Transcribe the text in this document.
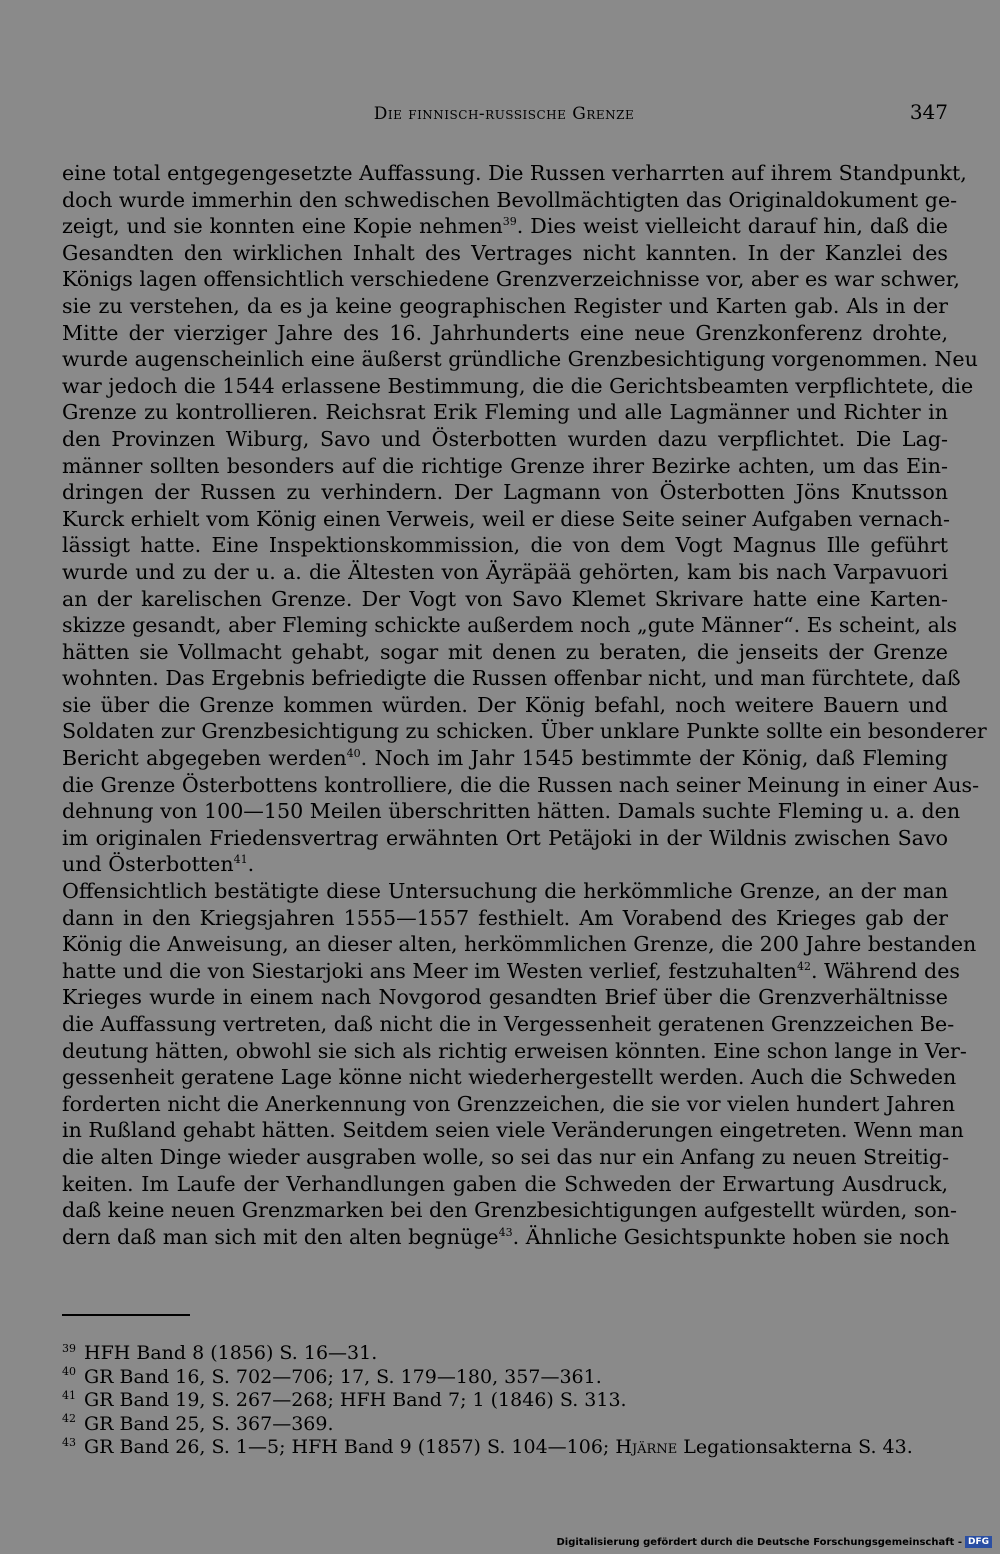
Die finnisch-russische Grenze	347
eine total entgegengesetzte Auffassung. Die Russen verharrten auf ihrem Standpunkt,
doch wurde immerhin den schwedischen Bevollmächtigten das Originaldokument ge-
zeigt, und sie konnten eine Kopie nehmen$^{39}$. Dies weist vielleicht darauf hin, daß die
Gesandten den wirklichen Inhalt des Vertrages nicht kannten. In der Kanzlei des
Königs lagen offensichtlich verschiedene Grenzverzeichnisse vor, aber es war schwer,
sie zu verstehen, da es ja keine geographischen Register und Karten gab. Als in der
Mitte der vierziger Jahre des 16. Jahrhunderts eine neue Grenzkonferenz drohte,
wurde augenscheinlich eine äußerst gründliche Grenzbesichtigung vorgenommen. Neu
war jedoch die 1544 erlassene Bestimmung, die die Gerichtsbeamten verpflichtete, die
Grenze zu kontrollieren. Reichsrat Erik Fleming und alle Lagmänner und Richter in
den Provinzen Wiburg, Savo und Österbotten wurden dazu verpflichtet. Die Lag-
männer sollten besonders auf die richtige Grenze ihrer Bezirke achten, um das Ein-
dringen der Russen zu verhindern. Der Lagmann von Österbotten Jöns Knutsson
Kurck erhielt vom König einen Verweis, weil er diese Seite seiner Aufgaben vernach-
lässigt hatte. Eine Inspektionskommission, die von dem Vogt Magnus Ille geführt
wurde und zu der u. a. die Ältesten von Äyräpää gehörten, kam bis nach Varpavuori
an der karelischen Grenze. Der Vogt von Savo Klemet Skrivare hatte eine Karten-
skizze gesandt, aber Fleming schickte außerdem noch „gute Männer“. Es scheint, als
hätten sie Vollmacht gehabt, sogar mit denen zu beraten, die jenseits der Grenze
wohnten. Das Ergebnis befriedigte die Russen offenbar nicht, und man fürchtete, daß
sie über die Grenze kommen würden. Der König befahl, noch weitere Bauern und
Soldaten zur Grenzbesichtigung zu schicken. Über unklare Punkte sollte ein besonderer
Bericht abgegeben werden$^{40}$. Noch im Jahr 1545 bestimmte der König, daß Fleming
die Grenze Österbottens kontrolliere, die die Russen nach seiner Meinung in einer Aus-
dehnung von 100—150 Meilen überschritten hätten. Damals suchte Fleming u. a. den
im originalen Friedensvertrag erwähnten Ort Petäjoki in der Wildnis zwischen Savo
und Österbotten$^{41}$.
Offensichtlich bestätigte diese Untersuchung die herkömmliche Grenze, an der man
dann in den Kriegsjahren 1555—1557 festhielt. Am Vorabend des Krieges gab der
König die Anweisung, an dieser alten, herkömmlichen Grenze, die 200 Jahre bestanden
hatte und die von Siestarjoki ans Meer im Westen verlief, festzuhalten$^{42}$. Während des
Krieges wurde in einem nach Novgorod gesandten Brief über die Grenzverhältnisse
die Auffassung vertreten, daß nicht die in Vergessenheit geratenen Grenzzeichen Be-
deutung hätten, obwohl sie sich als richtig erweisen könnten. Eine schon lange in Ver-
gessenheit geratene Lage könne nicht wiederhergestellt werden. Auch die Schweden
forderten nicht die Anerkennung von Grenzzeichen, die sie vor vielen hundert Jahren
in Rußland gehabt hätten. Seitdem seien viele Veränderungen eingetreten. Wenn man
die alten Dinge wieder ausgraben wolle, so sei das nur ein Anfang zu neuen Streitig-
keiten. Im Laufe der Verhandlungen gaben die Schweden der Erwartung Ausdruck,
daß keine neuen Grenzmarken bei den Grenzbesichtigungen aufgestellt würden, son-
dern daß man sich mit den alten begnüge$^{43}$. Ähnliche Gesichtspunkte hoben sie noch
39 HFH Band 8 (1856) S. 16—31.
40 GR Band 16, S. 702—706; 17, S. 179—180, 357—361.
41 GR Band 19, S. 267—268; HFH Band 7; 1 (1846) S. 313.
42 GR Band 25, S. 367—369.
43 GR Band 26, S. 1—5; HFH Band 9 (1857) S. 104—106; Hjärne Legationsakterna S. 43.
Digitalisierung gefördert durch die Deutsche Forschungsgemeinschaft - DFG
